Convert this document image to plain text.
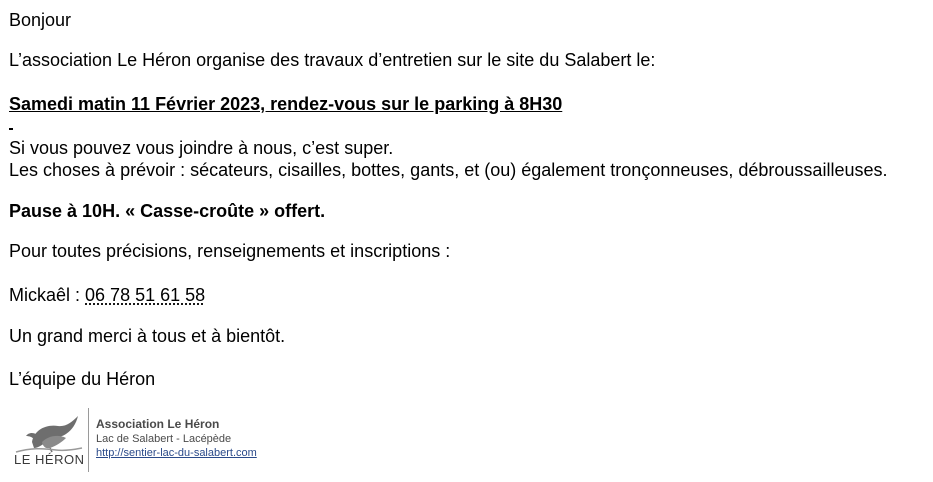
Bonjour
L’association Le Héron organise des travaux d’entretien sur le site du Salabert le:
Samedi matin 11 Février 2023, rendez-vous sur le parking à 8H30
Si vous pouvez vous joindre à nous, c’est super.
Les choses à prévoir : sécateurs, cisailles, bottes, gants, et (ou) également tronçonneuses, débroussailleuses.
Pause à 10H. « Casse-croûte » offert.
Pour toutes précisions, renseignements et inscriptions :
Mickaêl : 06 78 51 61 58
Un grand merci à tous et à bientôt.
L’équipe du Héron
LE HÉRON
Association Le Héron
Lac de Salabert - Lacépède
http://sentier-lac-du-salabert.com
